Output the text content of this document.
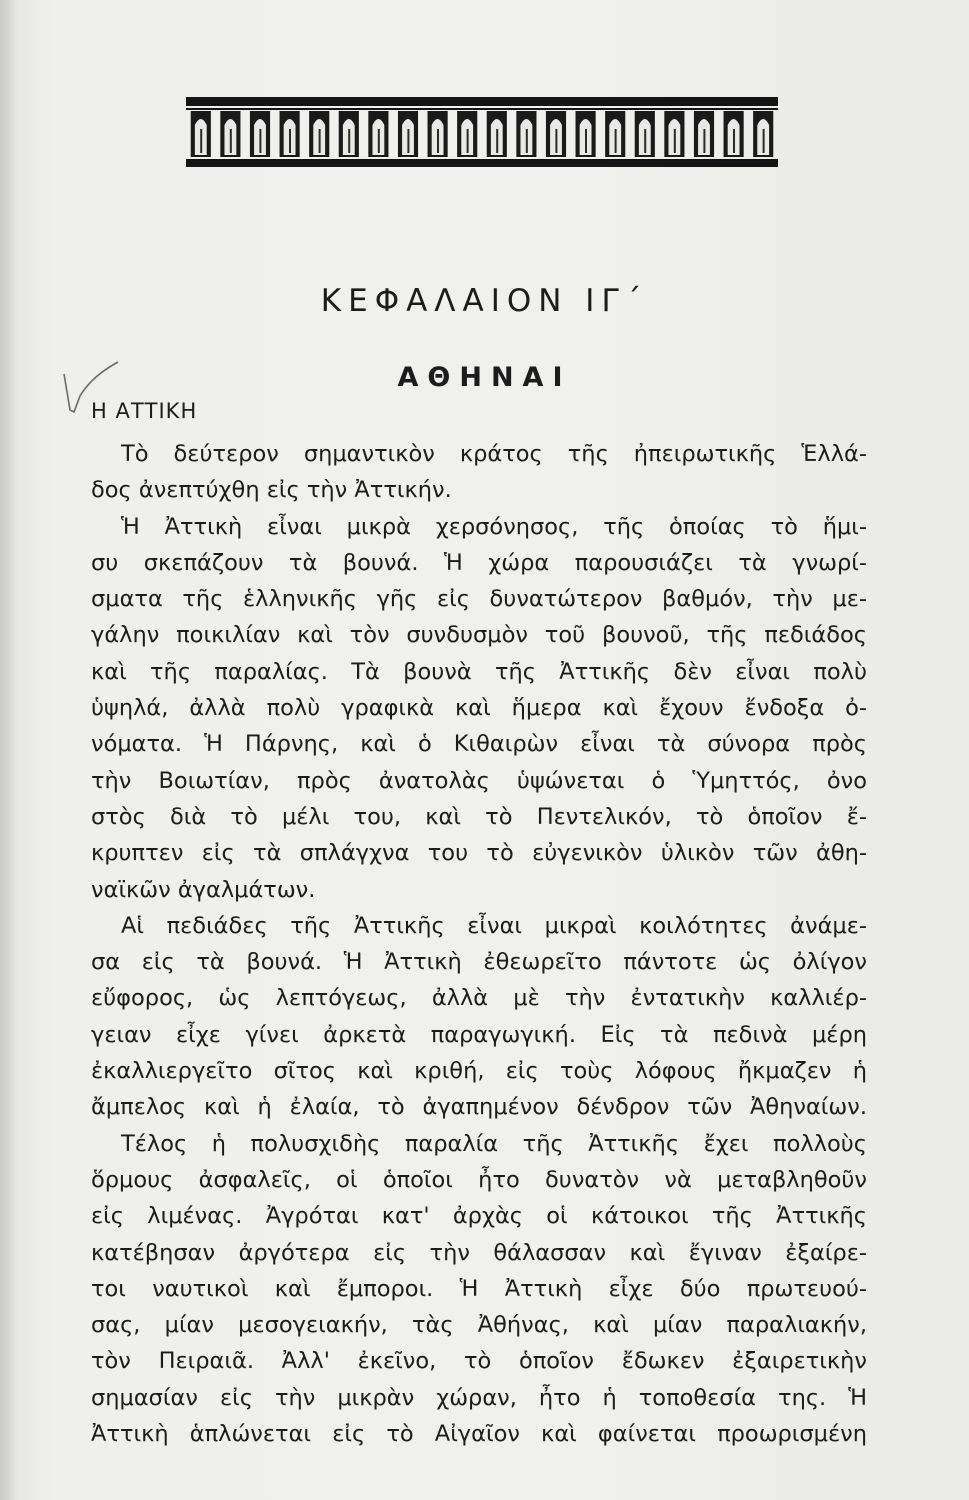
ΚΕΦΑΛΑΙΟΝ ΙΓ΄
ΑΘΗΝΑΙ
Η ΑΤΤΙΚΗ

Τὸ δεύτερον σημαντικὸν κράτος τῆς ἠπειρωτικῆς Ἑλλά-
δος ἀνεπτύχθη εἰς τὴν Ἀττικήν.

Ἡ Ἀττικὴ εἶναι μικρὰ χερσόνησος, τῆς ὁποίας τὸ ἥμι-
συ σκεπάζουν τὰ βουνά. Ἡ χώρα παρουσιάζει τὰ γνωρί-
σματα τῆς ἑλληνικῆς γῆς εἰς δυνατώτερον βαθμόν, τὴν με-
γάλην ποικιλίαν καὶ τὸν συνδυσμὸν τοῦ βουνοῦ, τῆς πεδιάδος
καὶ τῆς παραλίας. Τὰ βουνὰ τῆς Ἀττικῆς δὲν εἶναι πολὺ
ὑψηλά, ἀλλὰ πολὺ γραφικὰ καὶ ἥμερα καὶ ἔχουν ἔνδοξα ὀ-
νόματα. Ἡ Πάρνης, καὶ ὁ Κιθαιρὼν εἶναι τὰ σύνορα πρὸς
τὴν Βοιωτίαν, πρὸς ἀνατολὰς ὑψώνεται ὁ Ὑμηττός, ὀνο
στὸς διὰ τὸ μέλι του, καὶ τὸ Πεντελικόν, τὸ ὁποῖον ἔ-
κρυπτεν εἰς τὰ σπλάγχνα του τὸ εὐγενικὸν ὑλικὸν τῶν ἀθη-
ναϊκῶν ἀγαλμάτων.

Αἱ πεδιάδες τῆς Ἀττικῆς εἶναι μικραὶ κοιλότητες ἀνάμε-
σα εἰς τὰ βουνά. Ἡ Ἀττικὴ ἐθεωρεῖτο πάντοτε ὡς ὀλίγον
εὔφορος, ὡς λεπτόγεως, ἀλλὰ μὲ τὴν ἐντατικὴν καλλιέρ-
γειαν εἶχε γίνει ἀρκετὰ παραγωγική. Εἰς τὰ πεδινὰ μέρη
ἐκαλλιεργεῖτο σῖτος καὶ κριθή, εἰς τοὺς λόφους ἤκμαζεν ἡ
ἄμπελος καὶ ἡ ἐλαία, τὸ ἀγαπημένον δένδρον τῶν Ἀθηναίων.

Τέλος ἡ πολυσχιδὴς παραλία τῆς Ἀττικῆς ἔχει πολλοὺς
ὅρμους ἀσφαλεῖς, οἱ ὁποῖοι ἦτο δυνατὸν νὰ μεταβληθοῦν
εἰς λιμένας. Ἀγρόται κατ' ἀρχὰς οἱ κάτοικοι τῆς Ἀττικῆς
κατέβησαν ἀργότερα εἰς τὴν θάλασσαν καὶ ἔγιναν ἐξαίρε-
τοι ναυτικοὶ καὶ ἔμποροι. Ἡ Ἀττικὴ εἶχε δύο πρωτευού-
σας, μίαν μεσογειακήν, τὰς Ἀθήνας, καὶ μίαν παραλιακήν,
τὸν Πειραιᾶ. Ἀλλ' ἐκεῖνο, τὸ ὁποῖον ἔδωκεν ἐξαιρετικὴν
σημασίαν εἰς τὴν μικρὰν χώραν, ἦτο ἡ τοποθεσία της. Ἡ
Ἀττικὴ ἁπλώνεται εἰς τὸ Αἰγαῖον καὶ φαίνεται προωρισμένη
